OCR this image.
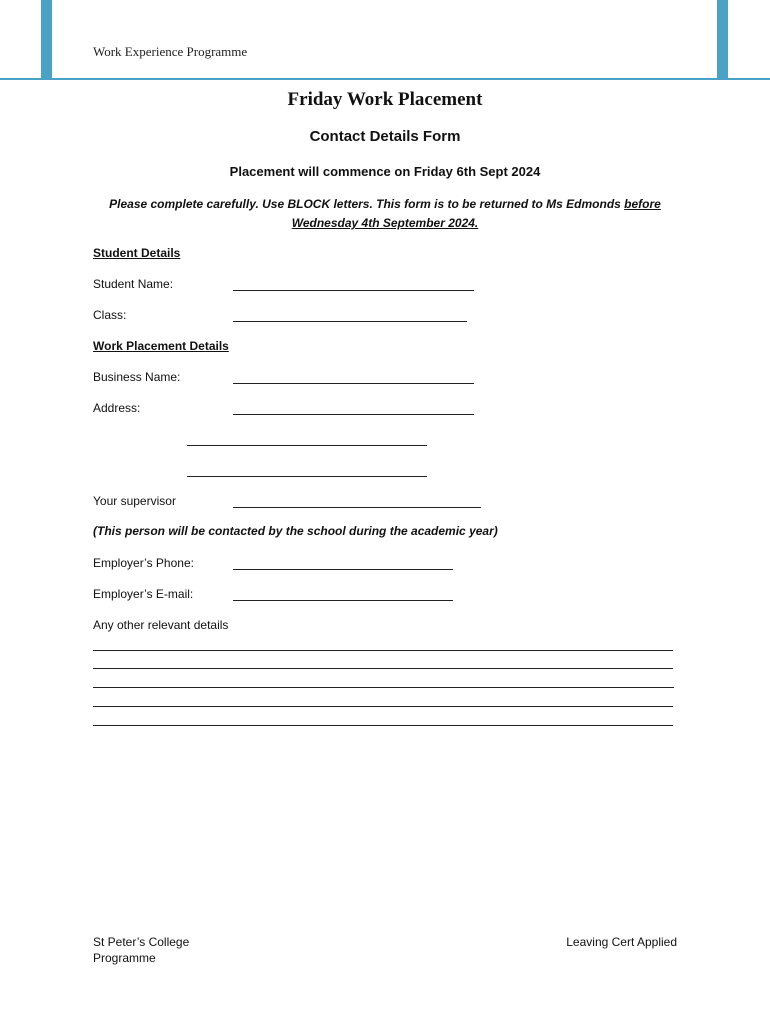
Work Experience Programme
Friday Work Placement
Contact Details Form
Placement will commence on Friday 6th Sept 2024
Please complete carefully. Use BLOCK letters. This form is to be returned to Ms Edmonds before Wednesday 4th September 2024.
Student Details
Student Name:
Class:
Work Placement Details
Business Name:
Address:
Your supervisor
(This person will be contacted by the school during the academic year)
Employer’s Phone:
Employer’s E-mail:
Any other relevant details
St Peter’s College
Programme
Leaving Cert Applied
